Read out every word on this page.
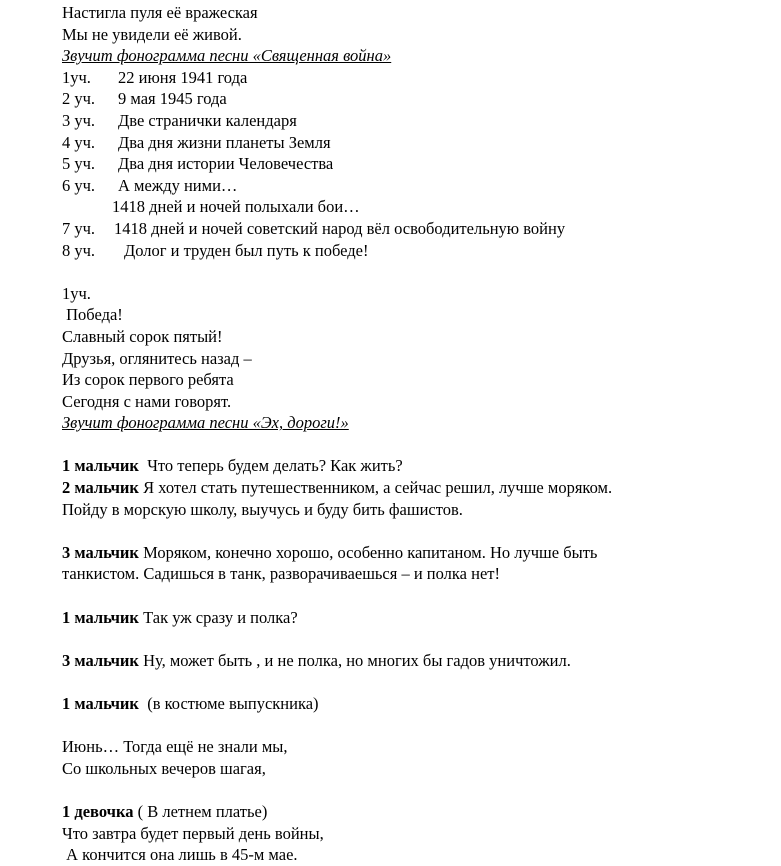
Настигла пуля её вражеская
Мы не увидели её живой.
Звучит фонограмма песни «Священная война»
1уч. 22 июня 1941 года
2 уч. 9 мая 1945 года
3 уч. Две странички календаря
4 уч. Два дня жизни планеты Земля
5 уч. Два дня истории Человечества
6 уч. А между ними…
1418 дней и ночей полыхали бои…
7 уч. 1418 дней и ночей советский народ вёл освободительную войну
8 уч. Долог и труден был путь к победе!
1уч.
Победа!
Славный сорок пятый!
Друзья, оглянитесь назад –
Из сорок первого ребята
Сегодня с нами говорят.
Звучит фонограмма песни «Эх, дороги!»
1 мальчик  Что теперь будем делать? Как жить?
2 мальчик Я хотел стать путешественником, а сейчас решил, лучше моряком.
Пойду в морскую школу, выучусь и буду бить фашистов.
3 мальчик Моряком, конечно хорошо, особенно капитаном. Но лучше быть
танкистом. Садишься в танк, разворачиваешься – и полка нет!
1 мальчик Так уж сразу и полка?
3 мальчик Ну, может быть , и не полка, но многих бы гадов уничтожил.
1 мальчик  (в костюме выпускника)
Июнь… Тогда ещё не знали мы,
Со школьных вечеров шагая,
1 девочка ( В летнем платье)
Что завтра будет первый день войны,
А кончится она лишь в 45-м мае.
